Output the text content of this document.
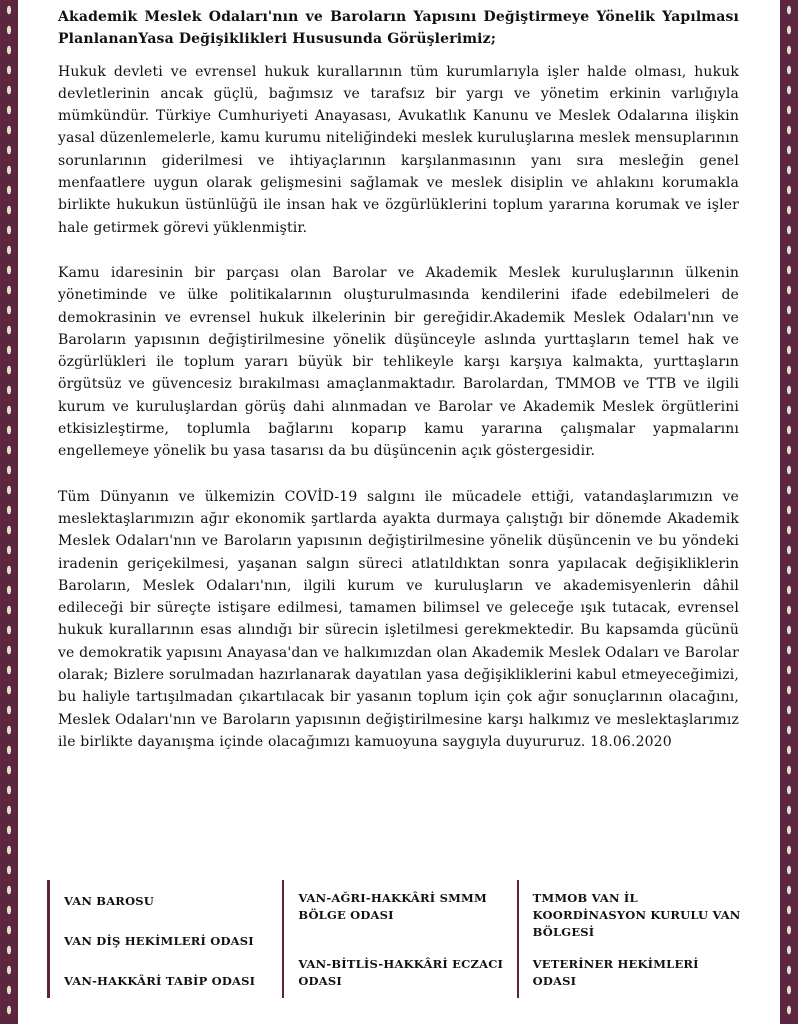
Akademik Meslek Odaları'nın ve Baroların Yapısını Değiştirmeye Yönelik Yapılması PlanlananYasa Değişiklikleri Hususunda Görüşlerimiz;

Hukuk devleti ve evrensel hukuk kurallarının tüm kurumlarıyla işler halde olması, hukuk devletlerinin ancak güçlü, bağımsız ve tarafsız bir yargı ve yönetim erkinin varlığıyla mümkündür. Türkiye Cumhuriyeti Anayasası, Avukatlık Kanunu ve Meslek Odalarına ilişkin yasal düzenlemelerle, kamu kurumu niteliğindeki meslek kuruluşlarına meslek mensuplarının sorunlarının giderilmesi ve ihtiyaçlarının karşılanmasının yanı sıra mesleğin genel menfaatlere uygun olarak gelişmesini sağlamak ve meslek disiplin ve ahlakını korumakla birlikte hukukun üstünlüğü ile insan hak ve özgürlüklerini toplum yararına korumak ve işler hale getirmek görevi yüklenmiştir.

Kamu idaresinin bir parçası olan Barolar ve Akademik Meslek kuruluşlarının ülkenin yönetiminde ve ülke politikalarının oluşturulmasında kendilerini ifade edebilmeleri de demokrasinin ve evrensel hukuk ilkelerinin bir gereğidir.Akademik Meslek Odaları'nın ve Baroların yapısının değiştirilmesine yönelik düşünceyle aslında yurttaşların temel hak ve özgürlükleri ile toplum yararı büyük bir tehlikeyle karşı karşıya kalmakta, yurttaşların örgütsüz ve güvencesiz bırakılması amaçlanmaktadır. Barolardan, TMMOB ve TTB ve ilgili kurum ve kuruluşlardan görüş dahi alınmadan ve Barolar ve Akademik Meslek örgütlerini etkisizleştirme, toplumla bağlarını koparıp kamu yararına çalışmalar yapmalarını engellemeye yönelik bu yasa tasarısı da bu düşüncenin açık göstergesidir.

Tüm Dünyanın ve ülkemizin COVİD-19 salgını ile mücadele ettiği, vatandaşlarımızın ve meslektaşlarımızın ağır ekonomik şartlarda ayakta durmaya çalıştığı bir dönemde Akademik Meslek Odaları'nın ve Baroların yapısının değiştirilmesine yönelik düşüncenin ve bu yöndeki iradenin geriçekilmesi, yaşanan salgın süreci atlatıldıktan sonra yapılacak değişikliklerin Baroların, Meslek Odaları'nın, ilgili kurum ve kuruluşların ve akademisyenlerin dâhil edileceği bir süreçte istişare edilmesi, tamamen bilimsel ve geleceğe ışık tutacak, evrensel hukuk kurallarının esas alındığı bir sürecin işletilmesi gerekmektedir. Bu kapsamda gücünü ve demokratik yapısını Anayasa'dan ve halkımızdan olan Akademik Meslek Odaları ve Barolar olarak; Bizlere sorulmadan hazırlanarak dayatılan yasa değişikliklerini kabul etmeyeceğimizi, bu haliyle tartışılmadan çıkartılacak bir yasanın toplum için çok ağır sonuçlarının olacağını, Meslek Odaları'nın ve Baroların yapısının değiştirilmesine karşı halkımız ve meslektaşlarımız ile birlikte dayanışma içinde olacağımızı kamuoyuna saygıyla duyururuz. 18.06.2020

VAN BAROSU
VAN DİŞ HEKİMLERİ ODASI
VAN-HAKKÂRİ TABİP ODASI
VAN-AĞRI-HAKKÂRİ SMMM BÖLGE ODASI
VAN-BİTLİS-HAKKÂRİ ECZACI ODASI
TMMOB VAN İL KOORDİNASYON KURULU VAN BÖLGESİ
VETERİNER HEKİMLERİ ODASI
